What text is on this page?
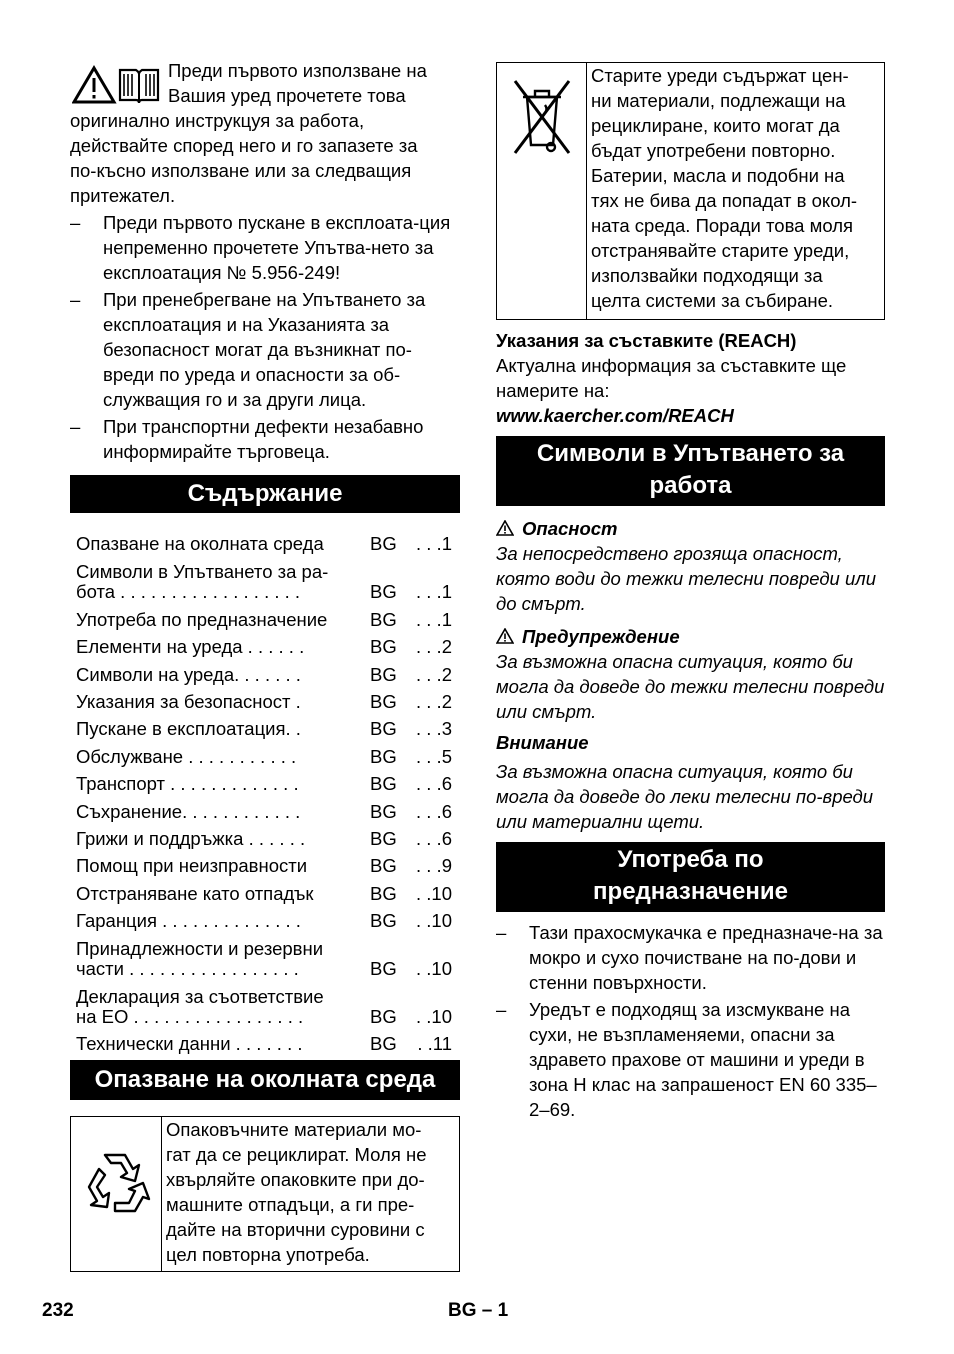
Преди първото използване на

Вашия уред прочетете това

оригинално инструкцуя за работа,

действайте според него и го запазете за

по-късно използване или за следващия

притежател.

– Преди първото пускане в експлоата-ция непременно прочетете Упътва-нето за експлоатация № 5.956-249!
– При пренебрегване на Упътването за експлоатация и на Указанията за безопасност могат да възникнат по-вреди по уреда и опасности за об-служващия го и за други лица.
– При транспортни дефекти незабавно информирайте търговеца.
Съдържание
Опазване на околната среда	BG	. . .1

Символи в Упътването за ра-
бота . . . . . . . . . . . . . . . . . .	BG	. . .1

Употреба по предназначение	BG	. . .1

Елементи на уреда . . . . . .	BG	. . .2

Символи на уреда. . . . . . .	BG	. . .2

Указания за безопасност .	BG	. . .2

Пускане в експлоатация. .	BG	. . .3

Обслужване . . . . . . . . . . .	BG	. . .5

Транспорт . . . . . . . . . . . . .	BG	. . .6

Съхранение. . . . . . . . . . . .	BG	. . .6

Грижи и поддръжка . . . . . .	BG	. . .6

Помощ при неизправности	BG	. . .9

Отстраняване като отпадък	BG	. .10

Гаранция . . . . . . . . . . . . . .	BG	. .10

Принадлежности и резервни
части . . . . . . . . . . . . . . . . .	BG	. .10

Декларация за съответствие
на ЕО . . . . . . . . . . . . . . . . .	BG	. .10

Технически данни . . . . . . .	BG	. .11
Опазване на околната среда

Опаковъчните материали мо-

гат да се рециклират. Моля не

хвърляйте опаковките при до-

машните отпадъци, а ги пре-

дайте на вторични суровини с

цел повторна употреба.

Старите уреди съдържат цен-

ни материали, подлежащи на

рециклиране, които могат да

бъдат употребени повторно.

Батерии, масла и подобни на

тях не бива да попадат в окол-

ната среда. Поради това моля

отстранявайте старите уреди,

използвайки подходящи за

целта системи за събиране.

Указания за съставките (REACH)

Актуална информация за съставките ще намерите на:

www.kaercher.com/REACH

Символи в Упътването за
работа

Опасност

За непосредствено грозяща опасност, която води до тежки телесни повреди или до смърт.

Предупреждение

За възможна опасна ситуация, която би могла да доведе до тежки телесни повреди или смърт.

Внимание

За възможна опасна ситуация, която би могла да доведе до леки телесни по-вреди или материални щети.

Употреба по
предназначение
– Тази прахосмукачка е предназначе-на за мокро и сухо почистване на по-дови и стенни повърхности.
– Уредът е подходящ за изсмукване на сухи, не възпламеняеми, опасни за здравето прахове от машини и уреди в зона Н клас на запрашеност EN 60 335–2–69.
232	BG – 1
